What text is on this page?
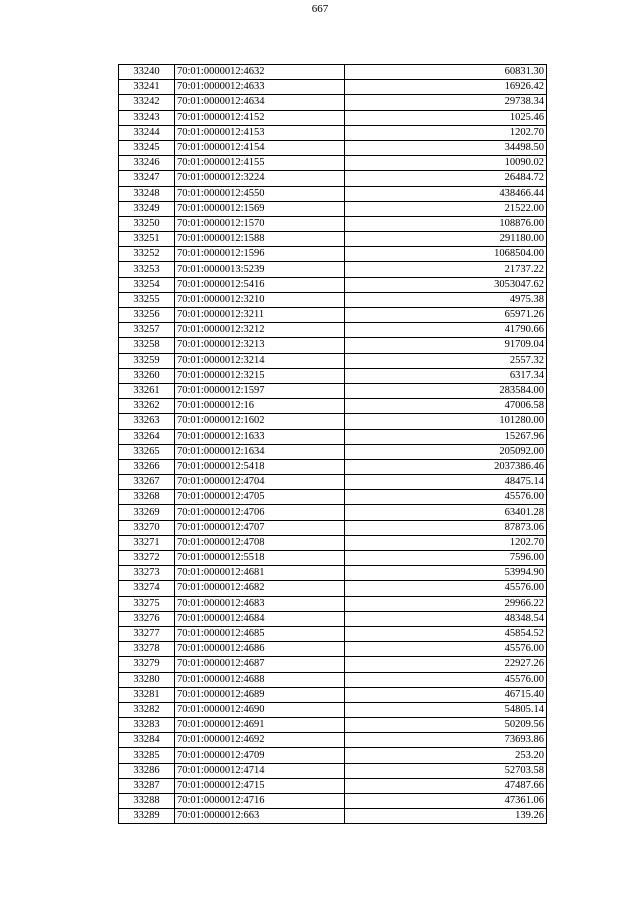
667
33240	70:01:0000012:4632	60831.30
33241	70:01:0000012:4633	16926.42
33242	70:01:0000012:4634	29738.34
33243	70:01:0000012:4152	1025.46
33244	70:01:0000012:4153	1202.70
33245	70:01:0000012:4154	34498.50
33246	70:01:0000012:4155	10090.02
33247	70:01:0000012:3224	26484.72
33248	70:01:0000012:4550	438466.44
33249	70:01:0000012:1569	21522.00
33250	70:01:0000012:1570	108876.00
33251	70:01:0000012:1588	291180.00
33252	70:01:0000012:1596	1068504.00
33253	70:01:0000013:5239	21737.22
33254	70:01:0000012:5416	3053047.62
33255	70:01:0000012:3210	4975.38
33256	70:01:0000012:3211	65971.26
33257	70:01:0000012:3212	41790.66
33258	70:01:0000012:3213	91709.04
33259	70:01:0000012:3214	2557.32
33260	70:01:0000012:3215	6317.34
33261	70:01:0000012:1597	283584.00
33262	70:01:0000012:16	47006.58
33263	70:01:0000012:1602	101280.00
33264	70:01:0000012:1633	15267.96
33265	70:01:0000012:1634	205092.00
33266	70:01:0000012:5418	2037386.46
33267	70:01:0000012:4704	48475.14
33268	70:01:0000012:4705	45576.00
33269	70:01:0000012:4706	63401.28
33270	70:01:0000012:4707	87873.06
33271	70:01:0000012:4708	1202.70
33272	70:01:0000012:5518	7596.00
33273	70:01:0000012:4681	53994.90
33274	70:01:0000012:4682	45576.00
33275	70:01:0000012:4683	29966.22
33276	70:01:0000012:4684	48348.54
33277	70:01:0000012:4685	45854.52
33278	70:01:0000012:4686	45576.00
33279	70:01:0000012:4687	22927.26
33280	70:01:0000012:4688	45576.00
33281	70:01:0000012:4689	46715.40
33282	70:01:0000012:4690	54805.14
33283	70:01:0000012:4691	50209.56
33284	70:01:0000012:4692	73693.86
33285	70:01:0000012:4709	253.20
33286	70:01:0000012:4714	52703.58
33287	70:01:0000012:4715	47487.66
33288	70:01:0000012:4716	47361.06
33289	70:01:0000012:663	139.26
